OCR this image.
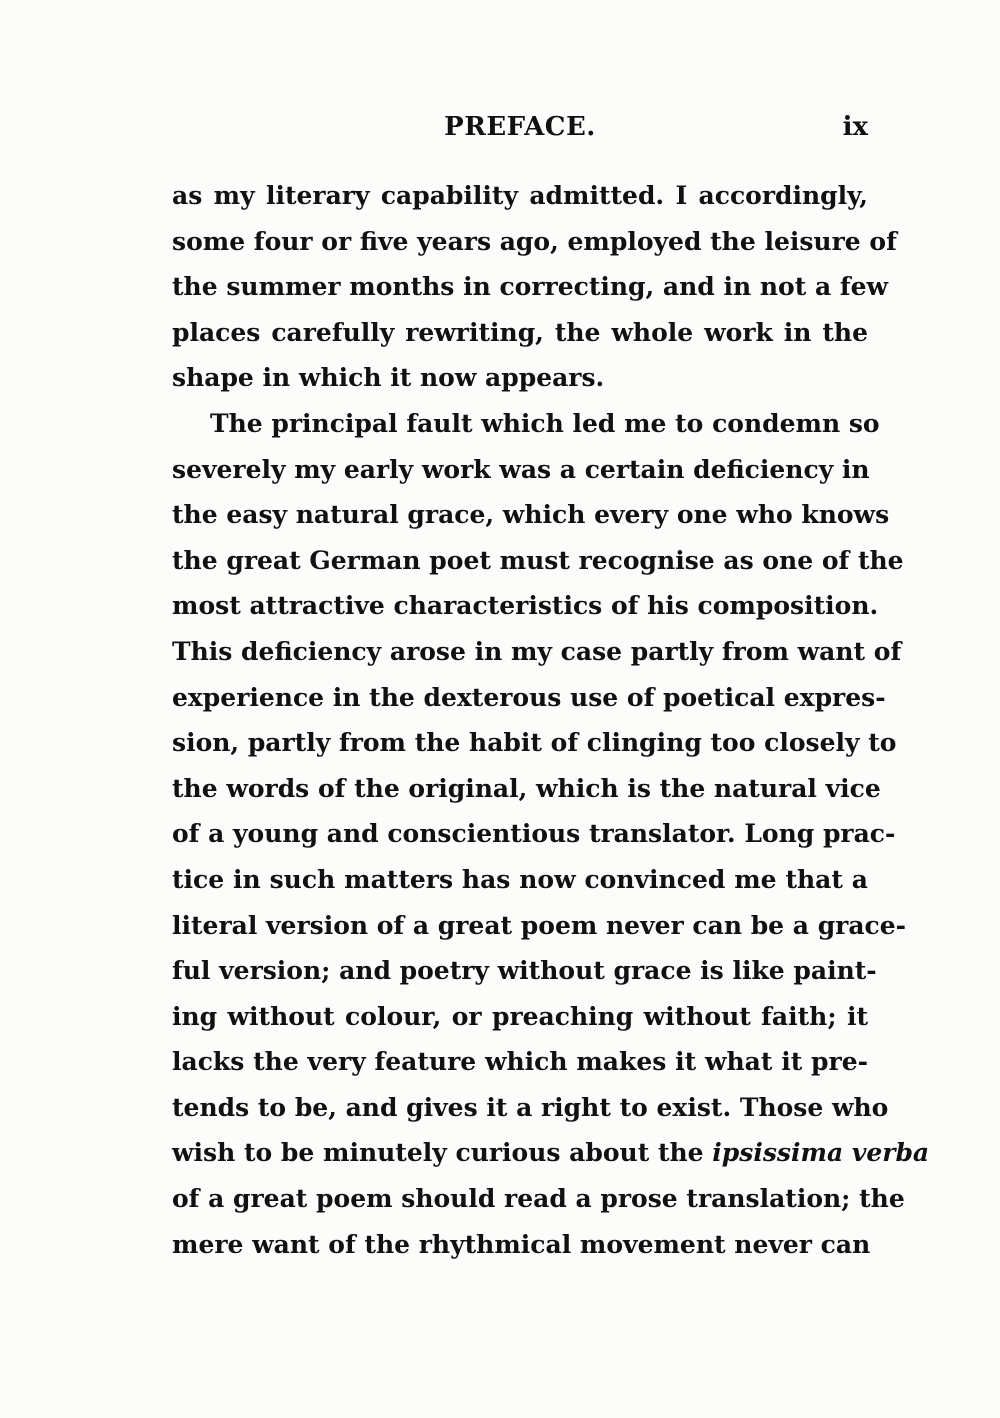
PREFACE.	ix
as my literary capability admitted. I accordingly,
some four or five years ago, employed the leisure of
the summer months in correcting, and in not a few
places carefully rewriting, the whole work in the
shape in which it now appears.
The principal fault which led me to condemn so
severely my early work was a certain deficiency in
the easy natural grace, which every one who knows
the great German poet must recognise as one of the
most attractive characteristics of his composition.
This deficiency arose in my case partly from want of
experience in the dexterous use of poetical expres-
sion, partly from the habit of clinging too closely to
the words of the original, which is the natural vice
of a young and conscientious translator. Long prac-
tice in such matters has now convinced me that a
literal version of a great poem never can be a grace-
ful version; and poetry without grace is like paint-
ing without colour, or preaching without faith; it
lacks the very feature which makes it what it pre-
tends to be, and gives it a right to exist. Those who
wish to be minutely curious about the ipsissima verba
of a great poem should read a prose translation; the
mere want of the rhythmical movement never can
